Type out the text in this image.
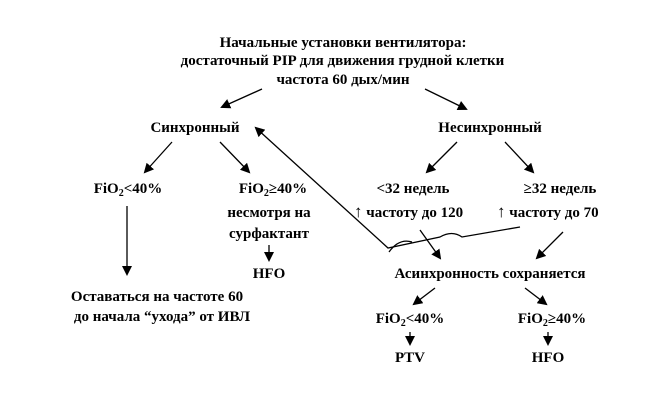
Начальные установки вентилятора:
достаточный PIP для движения грудной клетки
частота 60 дых/мин
Синхронный	Несинхронный
FiO$_2$<40%	FiO$_2$≥40%
несмотря на
сурфактант
HFO
Оставаться на частоте 60
до начала “ухода” от ИВЛ
<32 недель
↑ частоту до 120
≥32 недель
↑ частоту до 70
Асинхронность сохраняется
FiO$_2$<40%	FiO$_2$≥40%
PTV	HFO
